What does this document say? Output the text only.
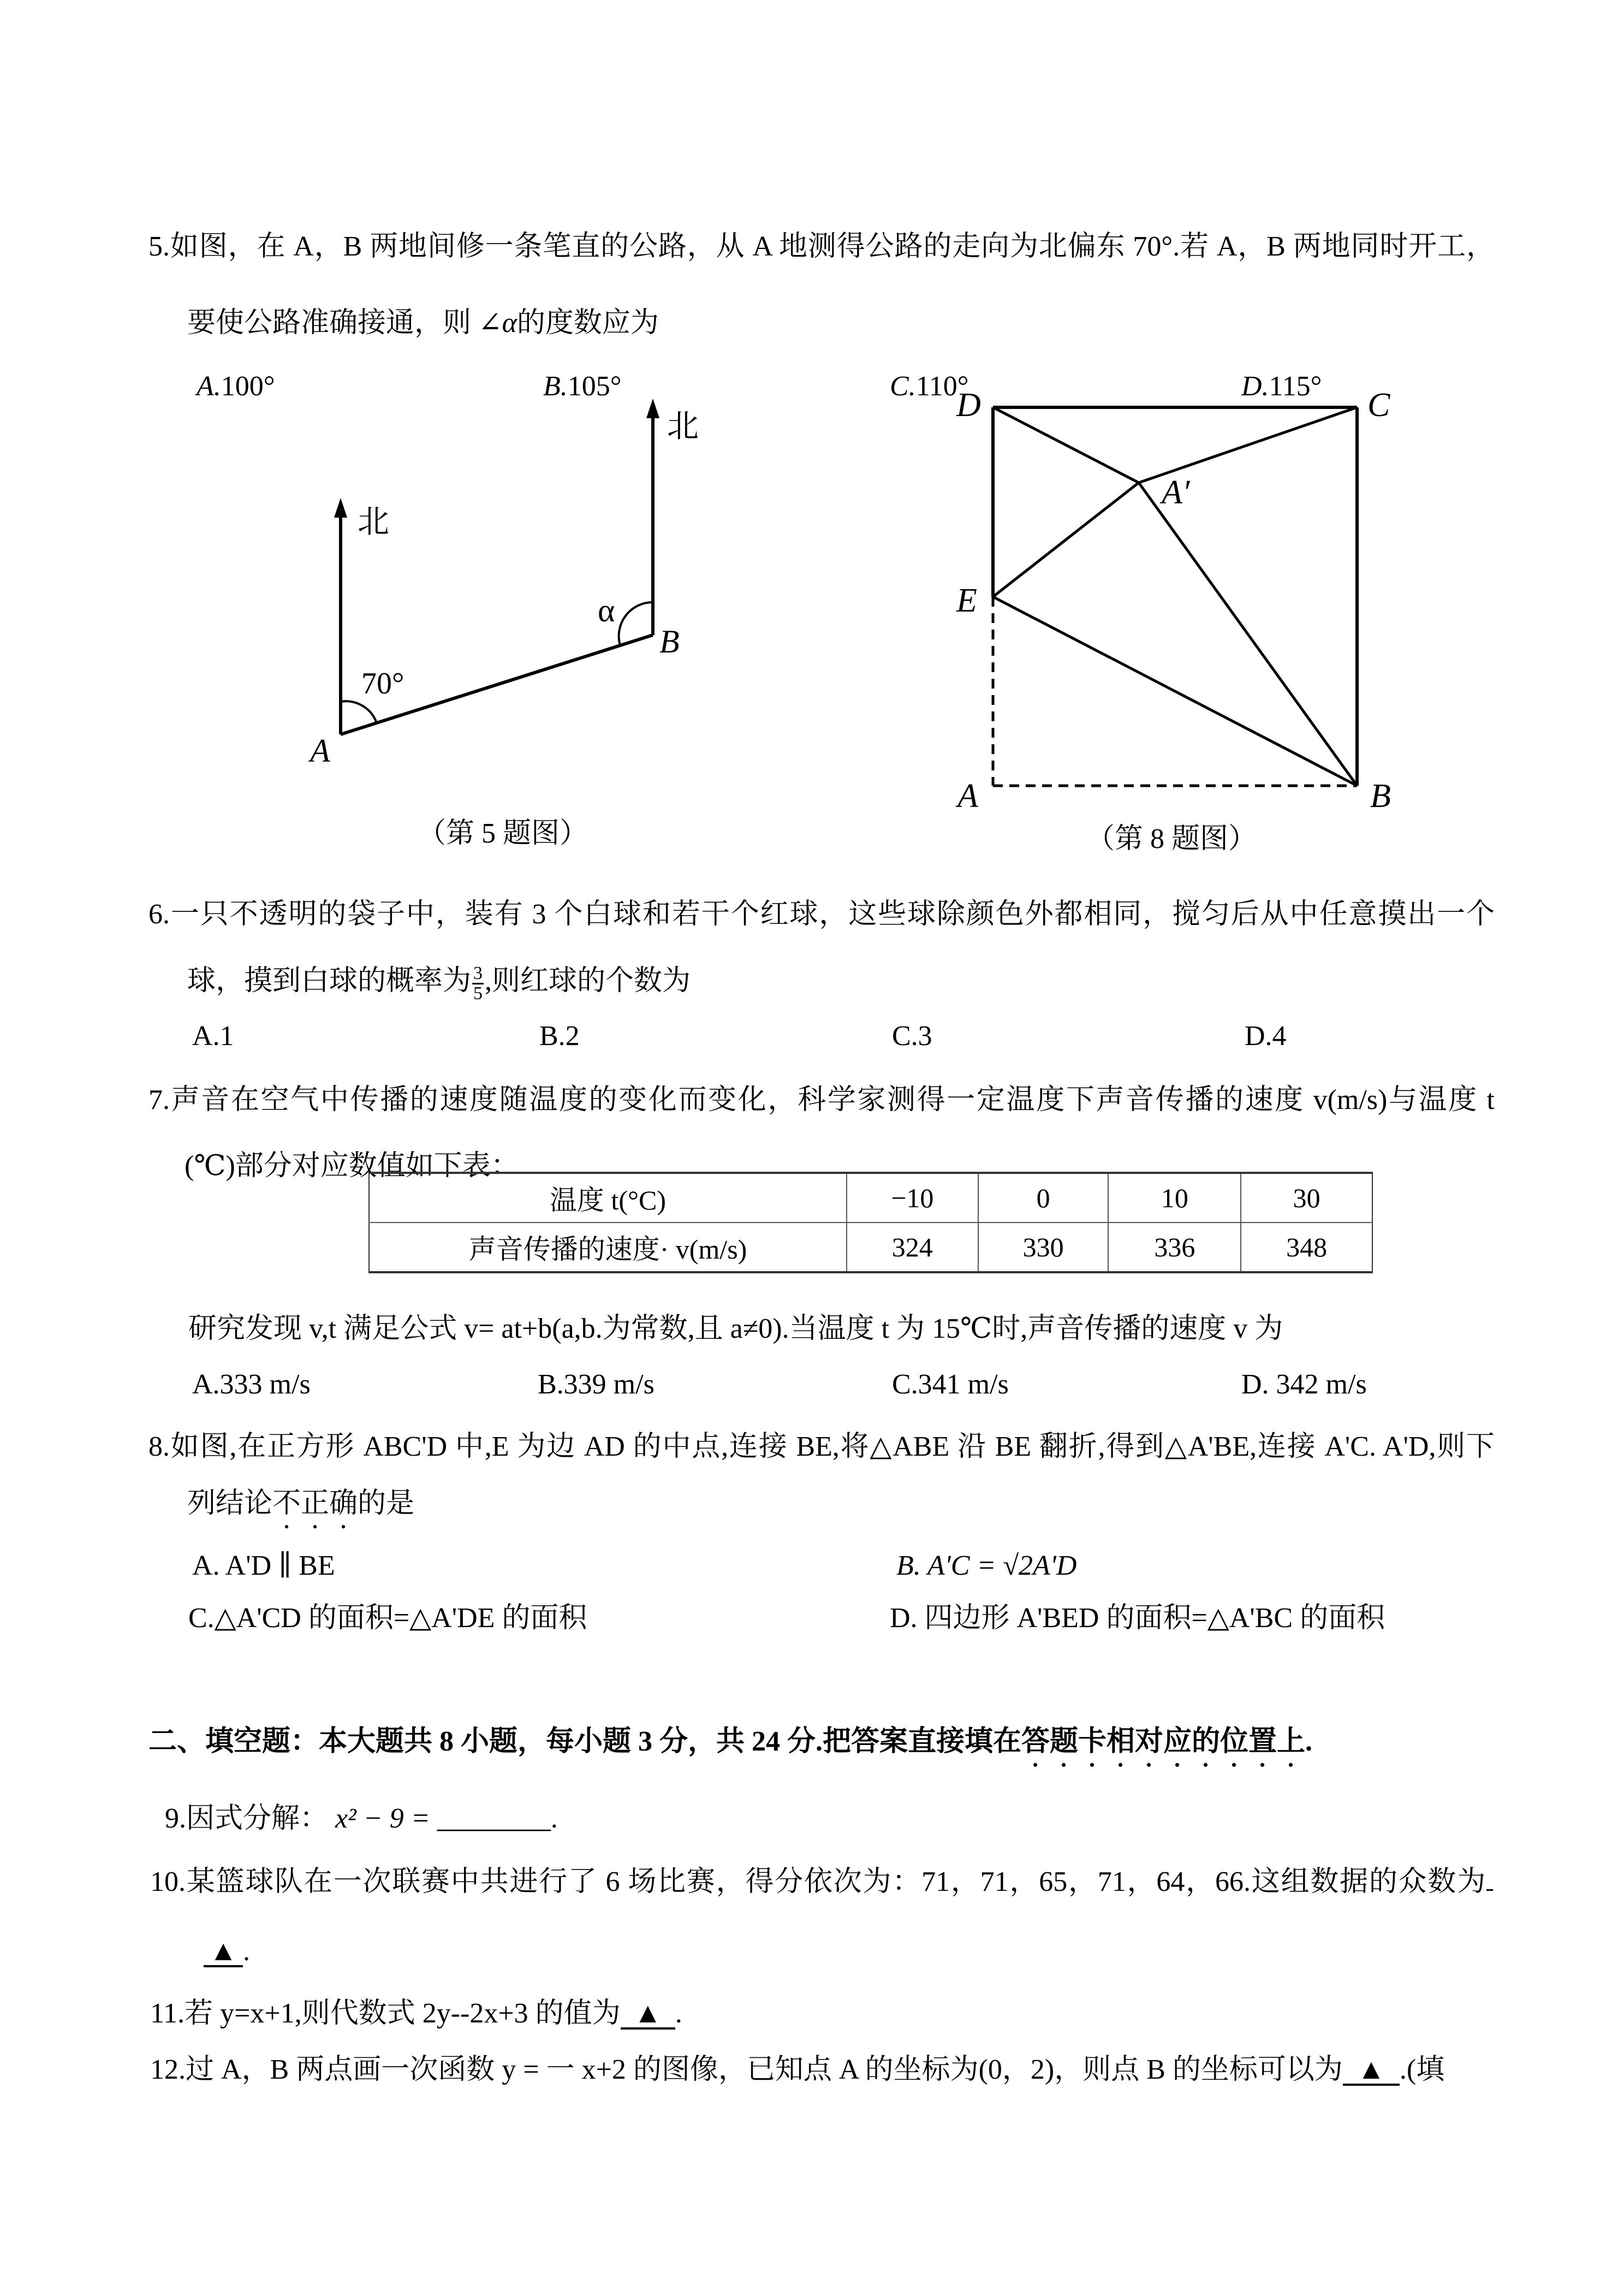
5.如图，在 A，B 两地间修一条笔直的公路，从 A 地测得公路的走向为北偏东 70°.若 A，B 两地同时开工，
要使公路准确接通，则 ∠α的度数应为
A.100°	B.105°	C.110°	D.115°
北
北
70°
α
A
B
（第 5 题图）
D	C
A′
E
A	B
（第 8 题图）
6.一只不透明的袋子中，装有 3 个白球和若干个红球，这些球除颜色外都相同，搅匀后从中任意摸出一个
球，摸到白球的概率为 $\frac{3}{5}$ ,则红球的个数为
A.1	B.2	C.3	D.4
7.声音在空气中传播的速度随温度的变化而变化，科学家测得一定温度下声音传播的速度 v(m/s)与温度 t
(℃)部分对应数值如下表：
温度 t(°C)	−10	0	10	30
声音传播的速度· v(m/s)	324	330	336	348
研究发现 v,t 满足公式 v= at+b(a,b.为常数,且 a≠0).当温度 t 为 15℃时,声音传播的速度 v 为
A.333 m/s	B.339 m/s	C.341 m/s	D. 342 m/s
8.如图,在正方形 ABC'D 中,E 为边 AD 的中点,连接 BE,将△ABE 沿 BE 翻折,得到△A'BE,连接 A'C. A'D,则下
列结论不正确的是
A. A'D ∥ BE	B. A'C = √2A'D
C.△A'CD 的面积=△A'DE 的面积	D. 四边形 A'BED 的面积=△A'BC 的面积
二、填空题：本大题共 8 小题，每小题 3 分，共 24 分.把答案直接填在答题卡相对应的位置上.
9.因式分解： x² − 9 = ________.
10.某篮球队在一次联赛中共进行了 6 场比赛，得分依次为：71，71，65，71，64，66.这组数据的众数为
▲ .
11.若 y=x+1,则代数式 2y--2x+3 的值为 ▲ .
12.过 A，B 两点画一次函数 y = 一 x+2 的图像，已知点 A 的坐标为(0，2)，则点 B 的坐标可以为 ▲ .(填
